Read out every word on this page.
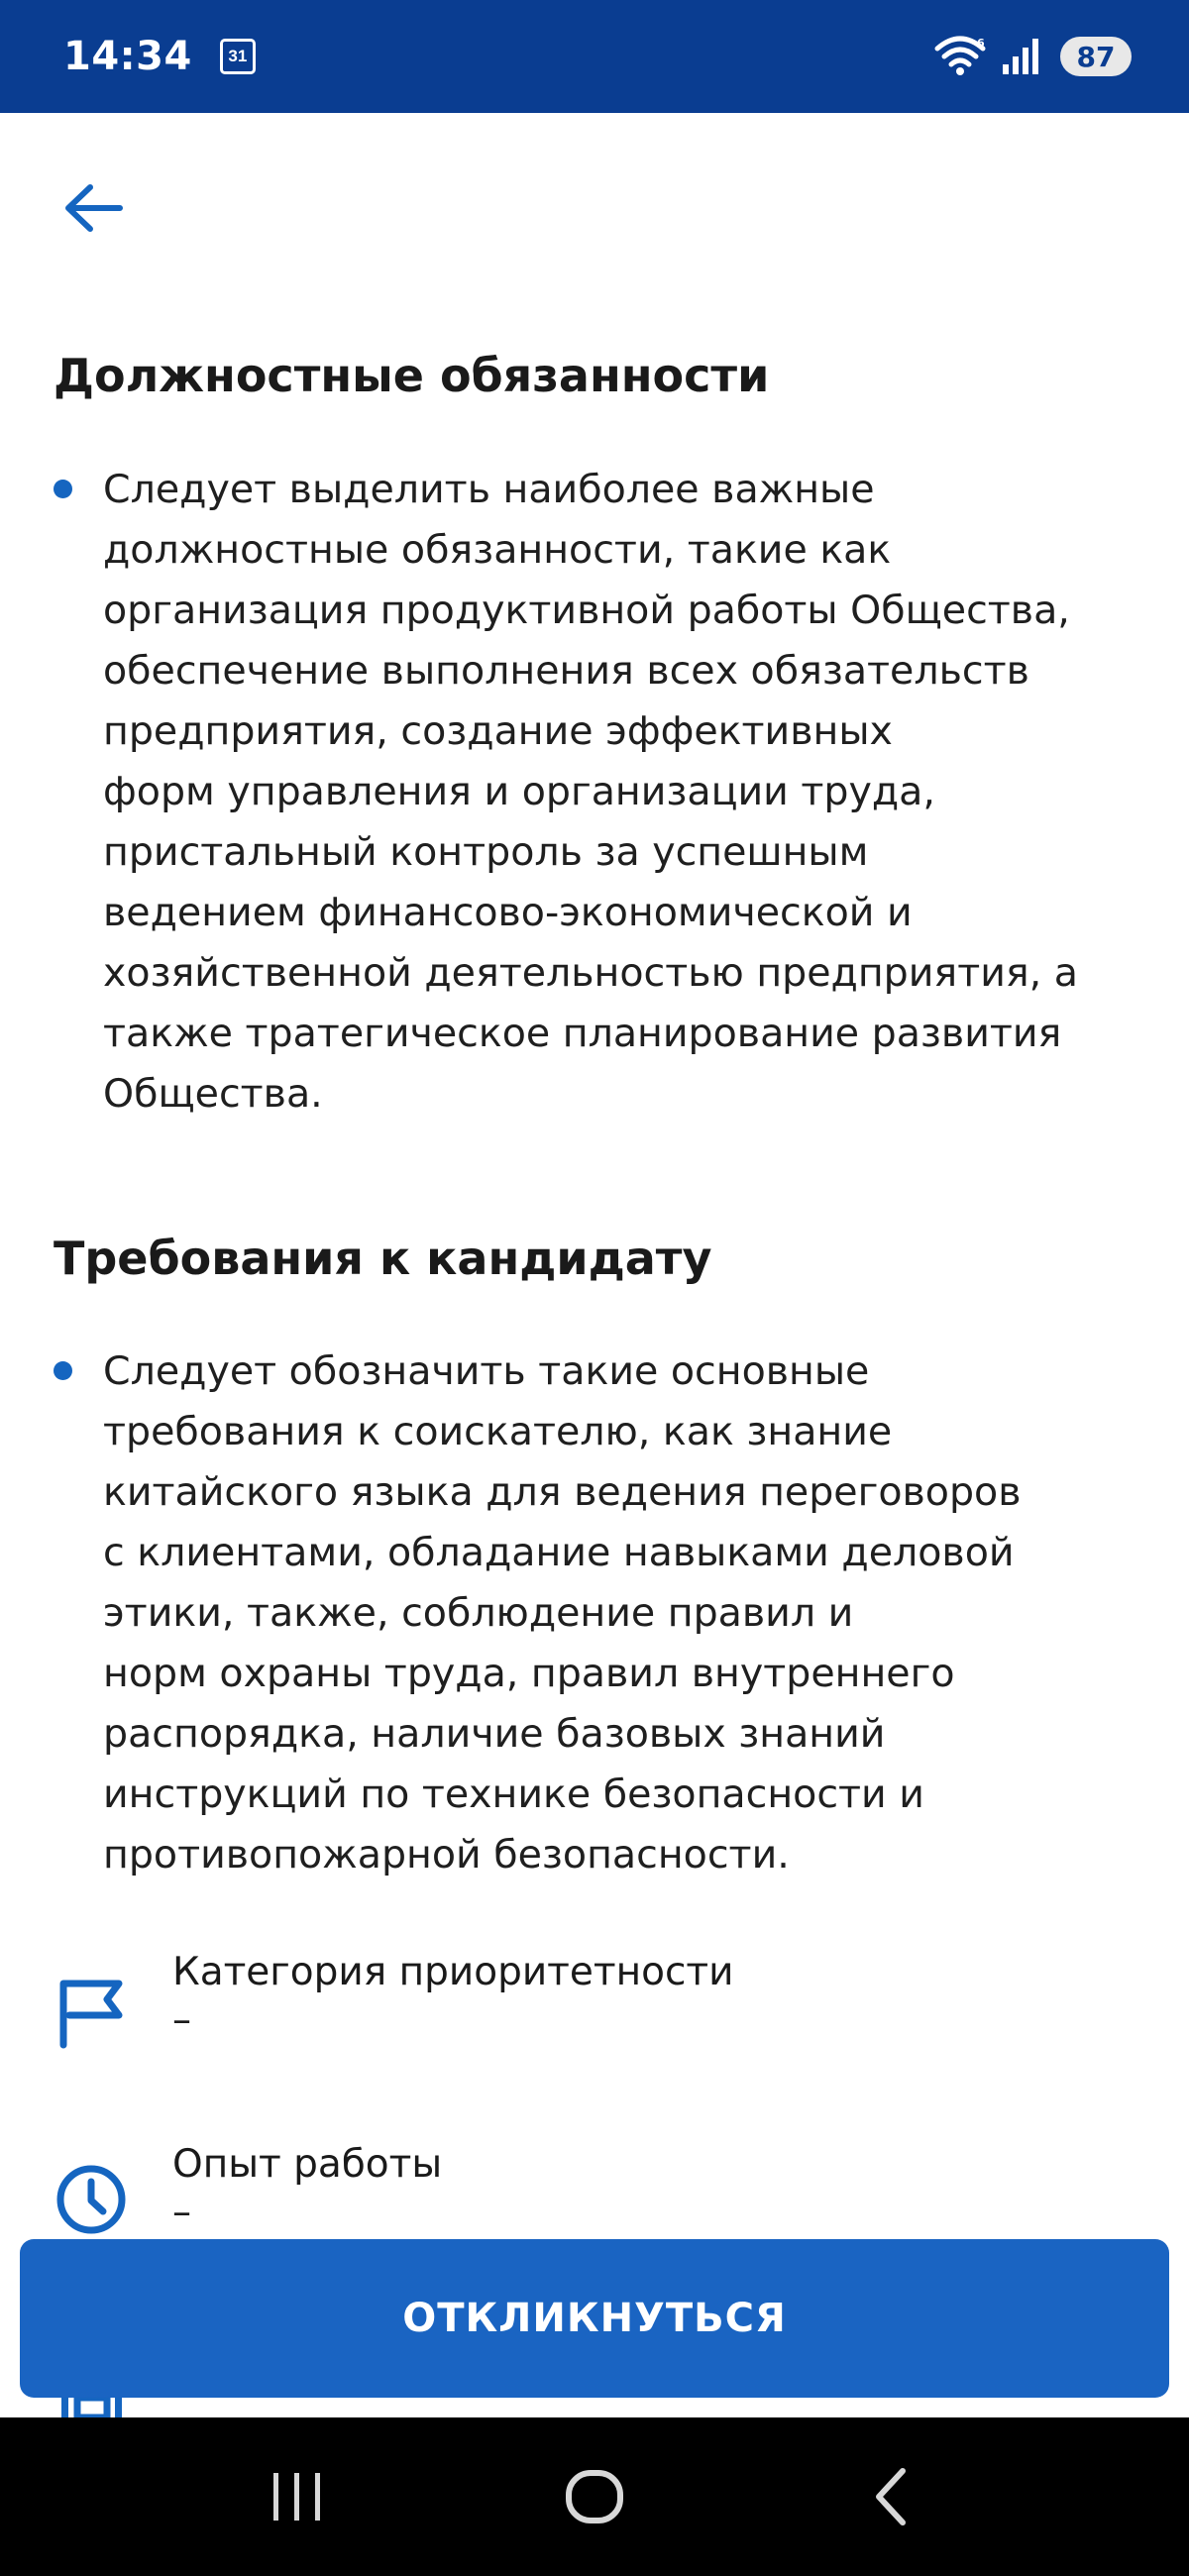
14:34	31
6	87
Должностные обязанности
Следует выделить наиболее важные
должностные обязанности, такие как
организация продуктивной работы Общества,
обеспечение выполнения всех обязательств
предприятия, создание эффективных
форм управления и организации труда,
пристальный контроль за успешным
ведением финансово-экономической и
хозяйственной деятельностью предприятия, а
также тратегическое планирование развития
Общества.
Требования к кандидату
Следует обозначить такие основные
требования к соискателю, как знание
китайского языка для ведения переговоров
с клиентами, обладание навыками деловой
этики, также, соблюдение правил и
норм охраны труда, правил внутреннего
распорядка, наличие базовых знаний
инструкций по технике безопасности и
противопожарной безопасности.
Категория приоритетности
–
Опыт работы
–
ОТКЛИКНУТЬСЯ
